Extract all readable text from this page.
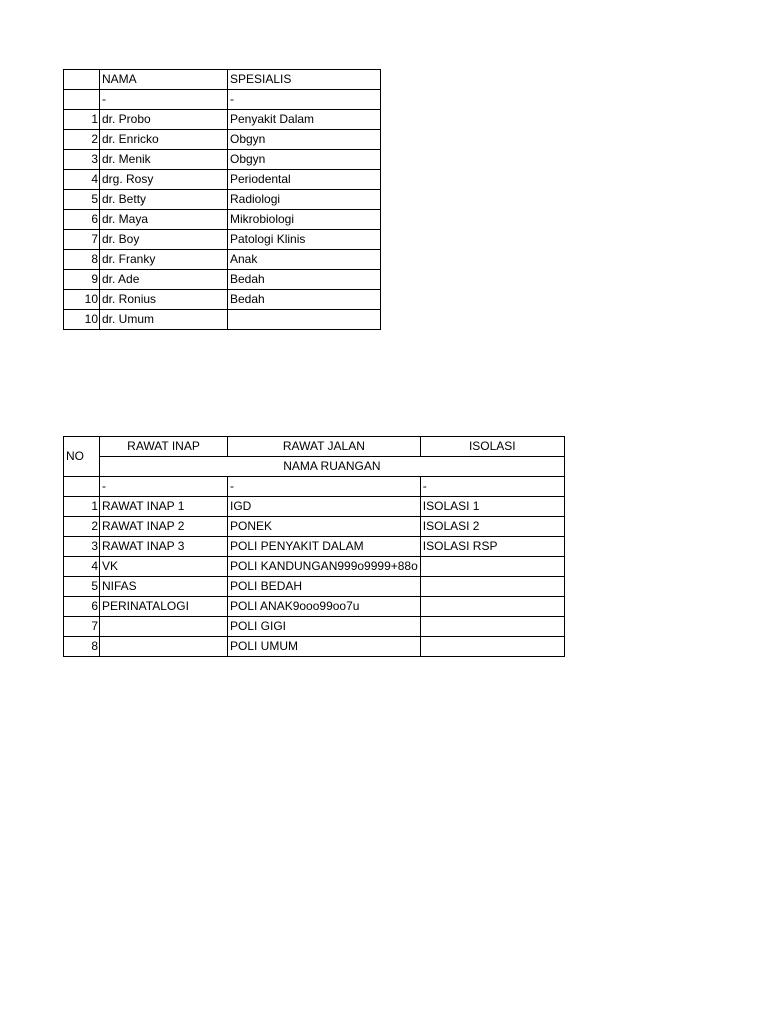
	NAMA	SPESIALIS
	-	-
1	dr. Probo	Penyakit Dalam
2	dr. Enricko	Obgyn
3	dr. Menik	Obgyn
4	drg. Rosy	Periodental
5	dr. Betty	Radiologi
6	dr. Maya	Mikrobiologi
7	dr. Boy	Patologi Klinis
8	dr. Franky	Anak
9	dr. Ade	Bedah
10	dr. Ronius	Bedah
10	dr. Umum	
NO	RAWAT INAP	RAWAT JALAN	ISOLASI
	NAMA RUANGAN		
	-	-	-
1	RAWAT INAP 1	IGD	ISOLASI 1
2	RAWAT INAP 2	PONEK	ISOLASI 2
3	RAWAT INAP 3	POLI PENYAKIT DALAM	ISOLASI RSP
4	VK	POLI KANDUNGAN999o9999+88o	
5	NIFAS	POLI BEDAH	
6	PERINATALOGI	POLI ANAK9ooo99oo7u	
7		POLI GIGI	
8		POLI UMUM	
